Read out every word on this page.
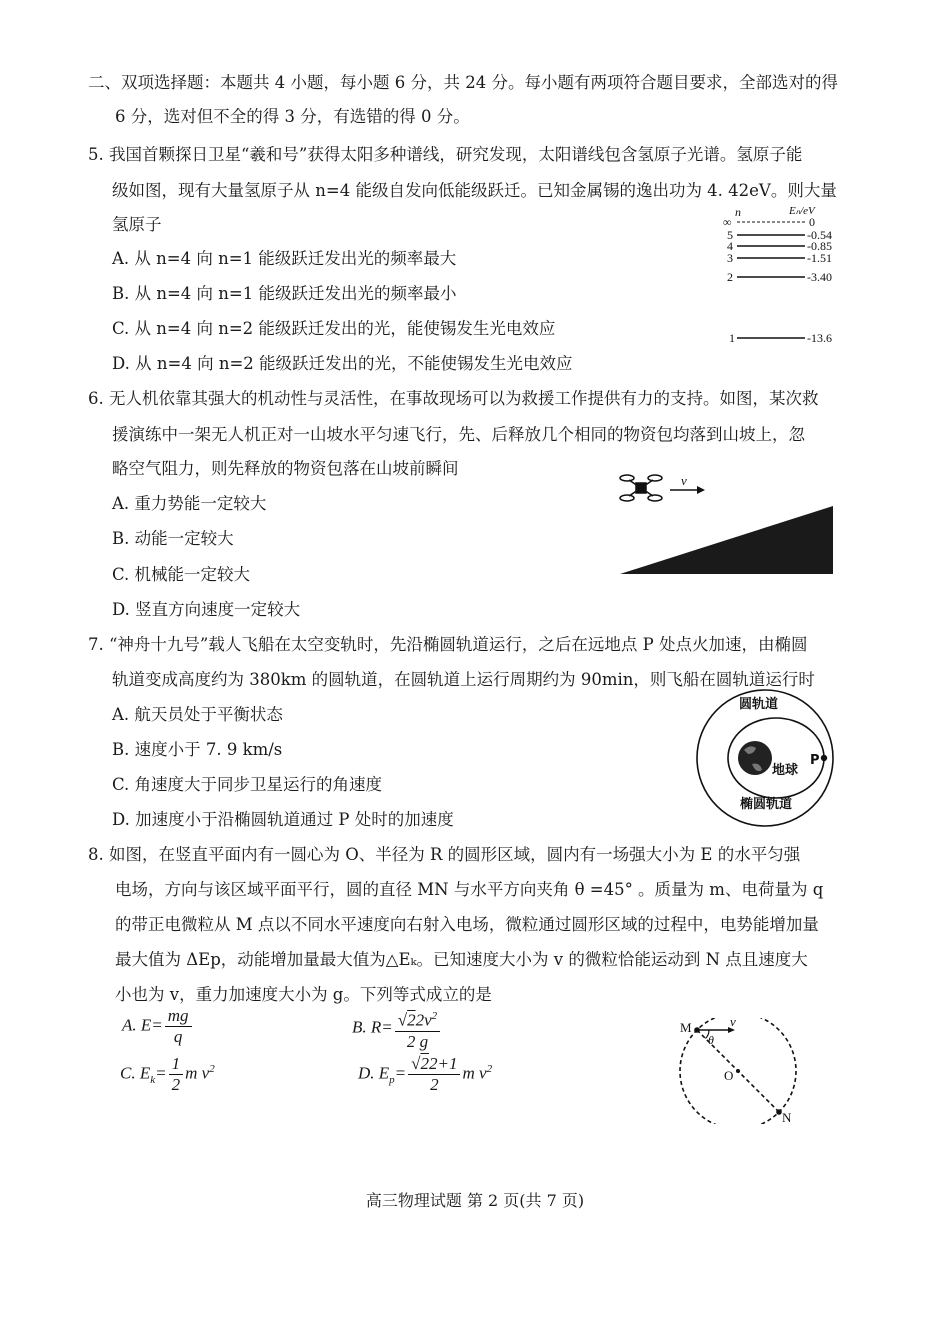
二、双项选择题：本题共 4 小题，每小题 6 分，共 24 分。每小题有两项符合题目要求，全部选对的得
6 分，选对但不全的得 3 分，有选错的得 0 分。
5. 我国首颗探日卫星“羲和号”获得太阳多种谱线，研究发现，太阳谱线包含氢原子光谱。氢原子能
级如图，现有大量氢原子从 n=4 能级自发向低能级跃迁。已知金属锡的逸出功为 4. 42eV。则大量
氢原子
A. 从 n=4 向 n=1 能级跃迁发出光的频率最大
B. 从 n=4 向 n=1 能级跃迁发出光的频率最小
C. 从 n=4 向 n=2 能级跃迁发出的光，能使锡发生光电效应
D. 从 n=4 向 n=2 能级跃迁发出的光，不能使锡发生光电效应
n	Eₙ/eV
∞	0
5	-0.54
4	-0.85
3	-1.51
2	-3.40
1	-13.6
6. 无人机依靠其强大的机动性与灵活性，在事故现场可以为救援工作提供有力的支持。如图，某次救
援演练中一架无人机正对一山坡水平匀速飞行，先、后释放几个相同的物资包均落到山坡上，忽
略空气阻力，则先释放的物资包落在山坡前瞬间
A. 重力势能一定较大
B. 动能一定较大
C. 机械能一定较大
D. 竖直方向速度一定较大
v
7. “神舟十九号”载人飞船在太空变轨时，先沿椭圆轨道运行，之后在远地点 P 处点火加速，由椭圆
轨道变成高度约为 380km 的圆轨道，在圆轨道上运行周期约为 90min，则飞船在圆轨道运行时
A. 航天员处于平衡状态
B. 速度小于 7. 9 km/s
C. 角速度大于同步卫星运行的角速度
D. 加速度小于沿椭圆轨道通过 P 处时的加速度
圆轨道
地球
P
椭圆轨道
8. 如图，在竖直平面内有一圆心为 O、半径为 R 的圆形区域，圆内有一场强大小为 E 的水平匀强
电场，方向与该区域平面平行，圆的直径 MN 与水平方向夹角 θ =45° 。质量为 m、电荷量为 q
的带正电微粒从 M 点以不同水平速度向右射入电场，微粒通过圆形区域的过程中，电势能增加量
最大值为 ΔEp，动能增加量最大值为△Eₖ。已知速度大小为 v 的微粒恰能运动到 N 点且速度大
小也为 v，重力加速度大小为 g。下列等式成立的是
A. $E= \frac{mg}{q}$	B. $R= \frac{√22v^2}{2 g}$
C. $E_k= \frac{1}{2}$ m $v^2$	D. $E_p= \frac{√22+1}{2}$ m $v^2$
M
O
N
v
θ
高三物理试题 第 2 页(共 7 页)
